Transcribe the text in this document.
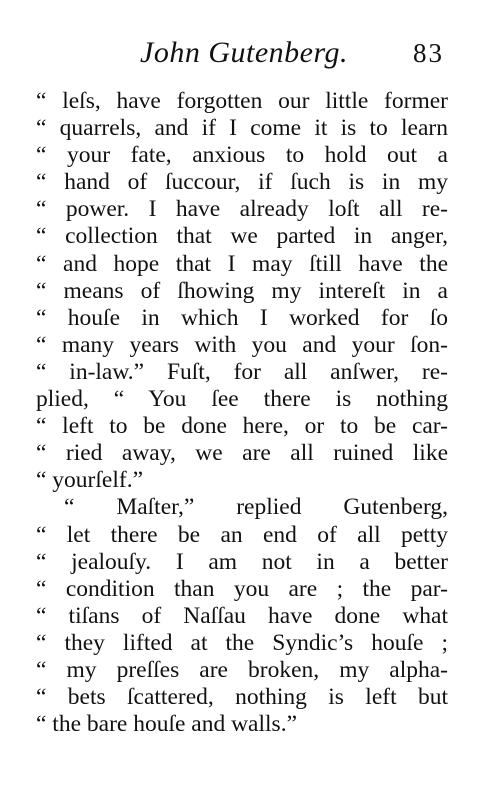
John Gutenberg. 83
“ leſs, have forgotten our little former
“ quarrels, and if I come it is to learn
“ your fate, anxious to hold out a
“ hand of ſuccour, if ſuch is in my
“ power. I have already loſt all re-
“ collection that we parted in anger,
“ and hope that I may ſtill have the
“ means of ſhowing my intereſt in a
“ houſe in which I worked for ſo
“ many years with you and your ſon-
“ in-law.” Fuſt, for all anſwer, re-
plied, “ You ſee there is nothing
“ left to be done here, or to be car-
“ ried away, we are all ruined like
“ yourſelf.”
“ Maſter,” replied Gutenberg,
“ let there be an end of all petty
“ jealouſy. I am not in a better
“ condition than you are ; the par-
“ tiſans of Naſſau have done what
“ they lifted at the Syndic’s houſe ;
“ my preſſes are broken, my alpha-
“ bets ſcattered, nothing is left but
“ the bare houſe and walls.”
